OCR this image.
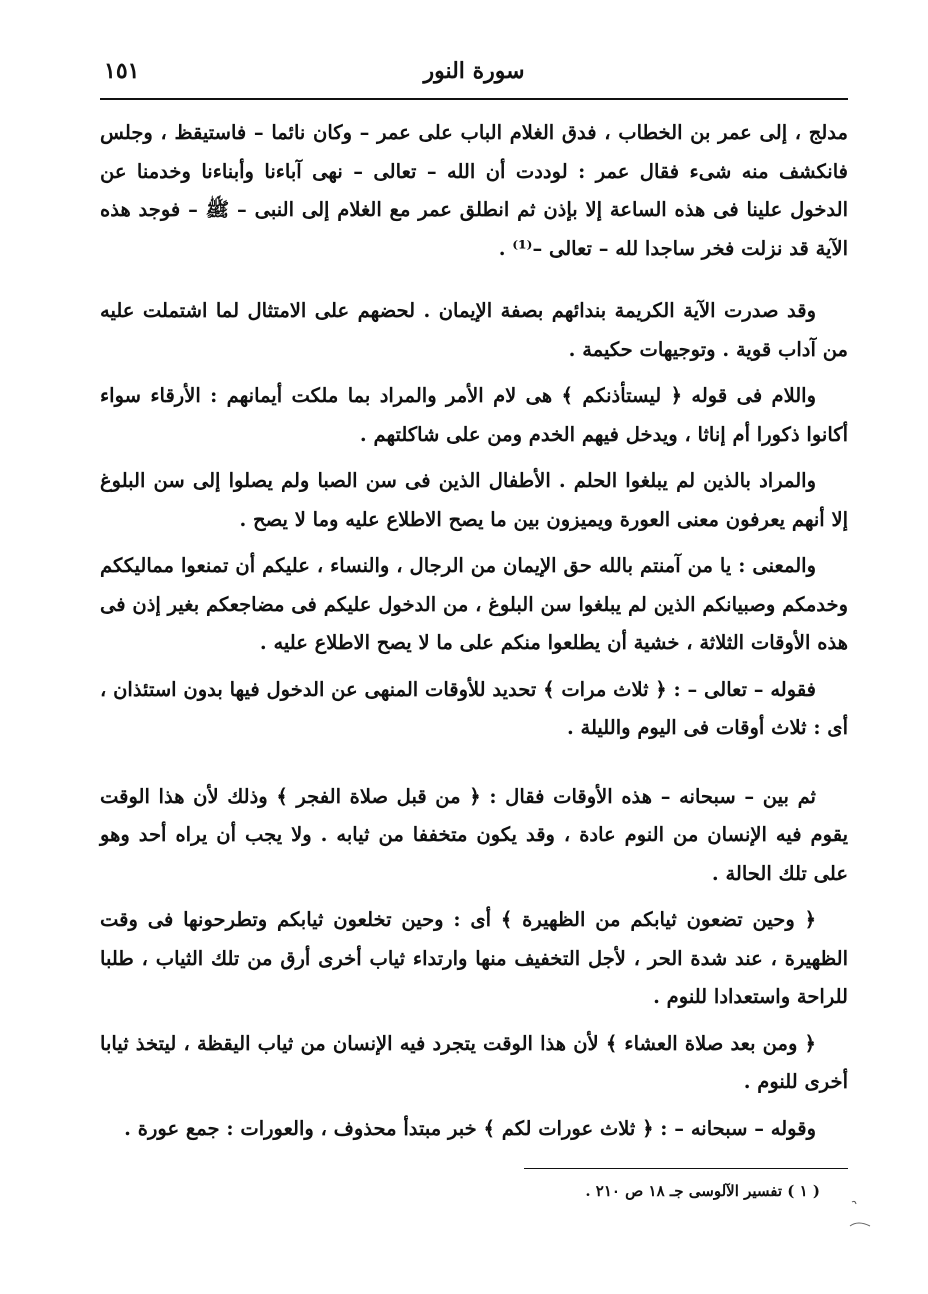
سورة النور
١٥١

مدلج ، إلى عمر بن الخطاب ، فدق الغلام الباب على عمر – وكان نائما – فاستيقظ ، وجلس فانكشف منه شىء فقال عمر : لوددت أن الله – تعالى – نهى آباءنا وأبناءنا وخدمنا عن الدخول علينا فى هذه الساعة إلا بإذن ثم انطلق عمر مع الغلام إلى النبى – ﷺ – فوجد هذه الآية قد نزلت فخر ساجدا لله – تعالى –⁽¹⁾ .

وقد صدرت الآية الكريمة بندائهم بصفة الإيمان . لحضهم على الامتثال لما اشتملت عليه من آداب قوية . وتوجيهات حكيمة .

واللام فى قوله ﴿ ليستأذنكم ﴾ هى لام الأمر والمراد بما ملكت أيمانهم : الأرقاء سواء أكانوا ذكورا أم إناثا ، ويدخل فيهم الخدم ومن على شاكلتهم .

والمراد بالذين لم يبلغوا الحلم . الأطفال الذين فى سن الصبا ولم يصلوا إلى سن البلوغ إلا أنهم يعرفون معنى العورة ويميزون بين ما يصح الاطلاع عليه وما لا يصح .

والمعنى : يا من آمنتم بالله حق الإيمان من الرجال ، والنساء ، عليكم أن تمنعوا مماليككم وخدمكم وصبيانكم الذين لم يبلغوا سن البلوغ ، من الدخول عليكم فى مضاجعكم بغير إذن فى هذه الأوقات الثلاثة ، خشية أن يطلعوا منكم على ما لا يصح الاطلاع عليه .

فقوله – تعالى – : ﴿ ثلاث مرات ﴾ تحديد للأوقات المنهى عن الدخول فيها بدون استئذان ، أى : ثلاث أوقات فى اليوم والليلة .

ثم بين – سبحانه – هذه الأوقات فقال : ﴿ من قبل صلاة الفجر ﴾ وذلك لأن هذا الوقت يقوم فيه الإنسان من النوم عادة ، وقد يكون متخففا من ثيابه . ولا يجب أن يراه أحد وهو على تلك الحالة .

﴿ وحين تضعون ثيابكم من الظهيرة ﴾ أى : وحين تخلعون ثيابكم وتطرحونها فى وقت الظهيرة ، عند شدة الحر ، لأجل التخفيف منها وارتداء ثياب أخرى أرق من تلك الثياب ، طلبا للراحة واستعدادا للنوم .

﴿ ومن بعد صلاة العشاء ﴾ لأن هذا الوقت يتجرد فيه الإنسان من ثياب اليقظة ، ليتخذ ثيابا أخرى للنوم .

وقوله – سبحانه – : ﴿ ثلاث عورات لكم ﴾ خبر مبتدأ محذوف ، والعورات : جمع عورة .

( ١ ) تفسير الآلوسى جـ ١٨ ص ٢١٠ .
